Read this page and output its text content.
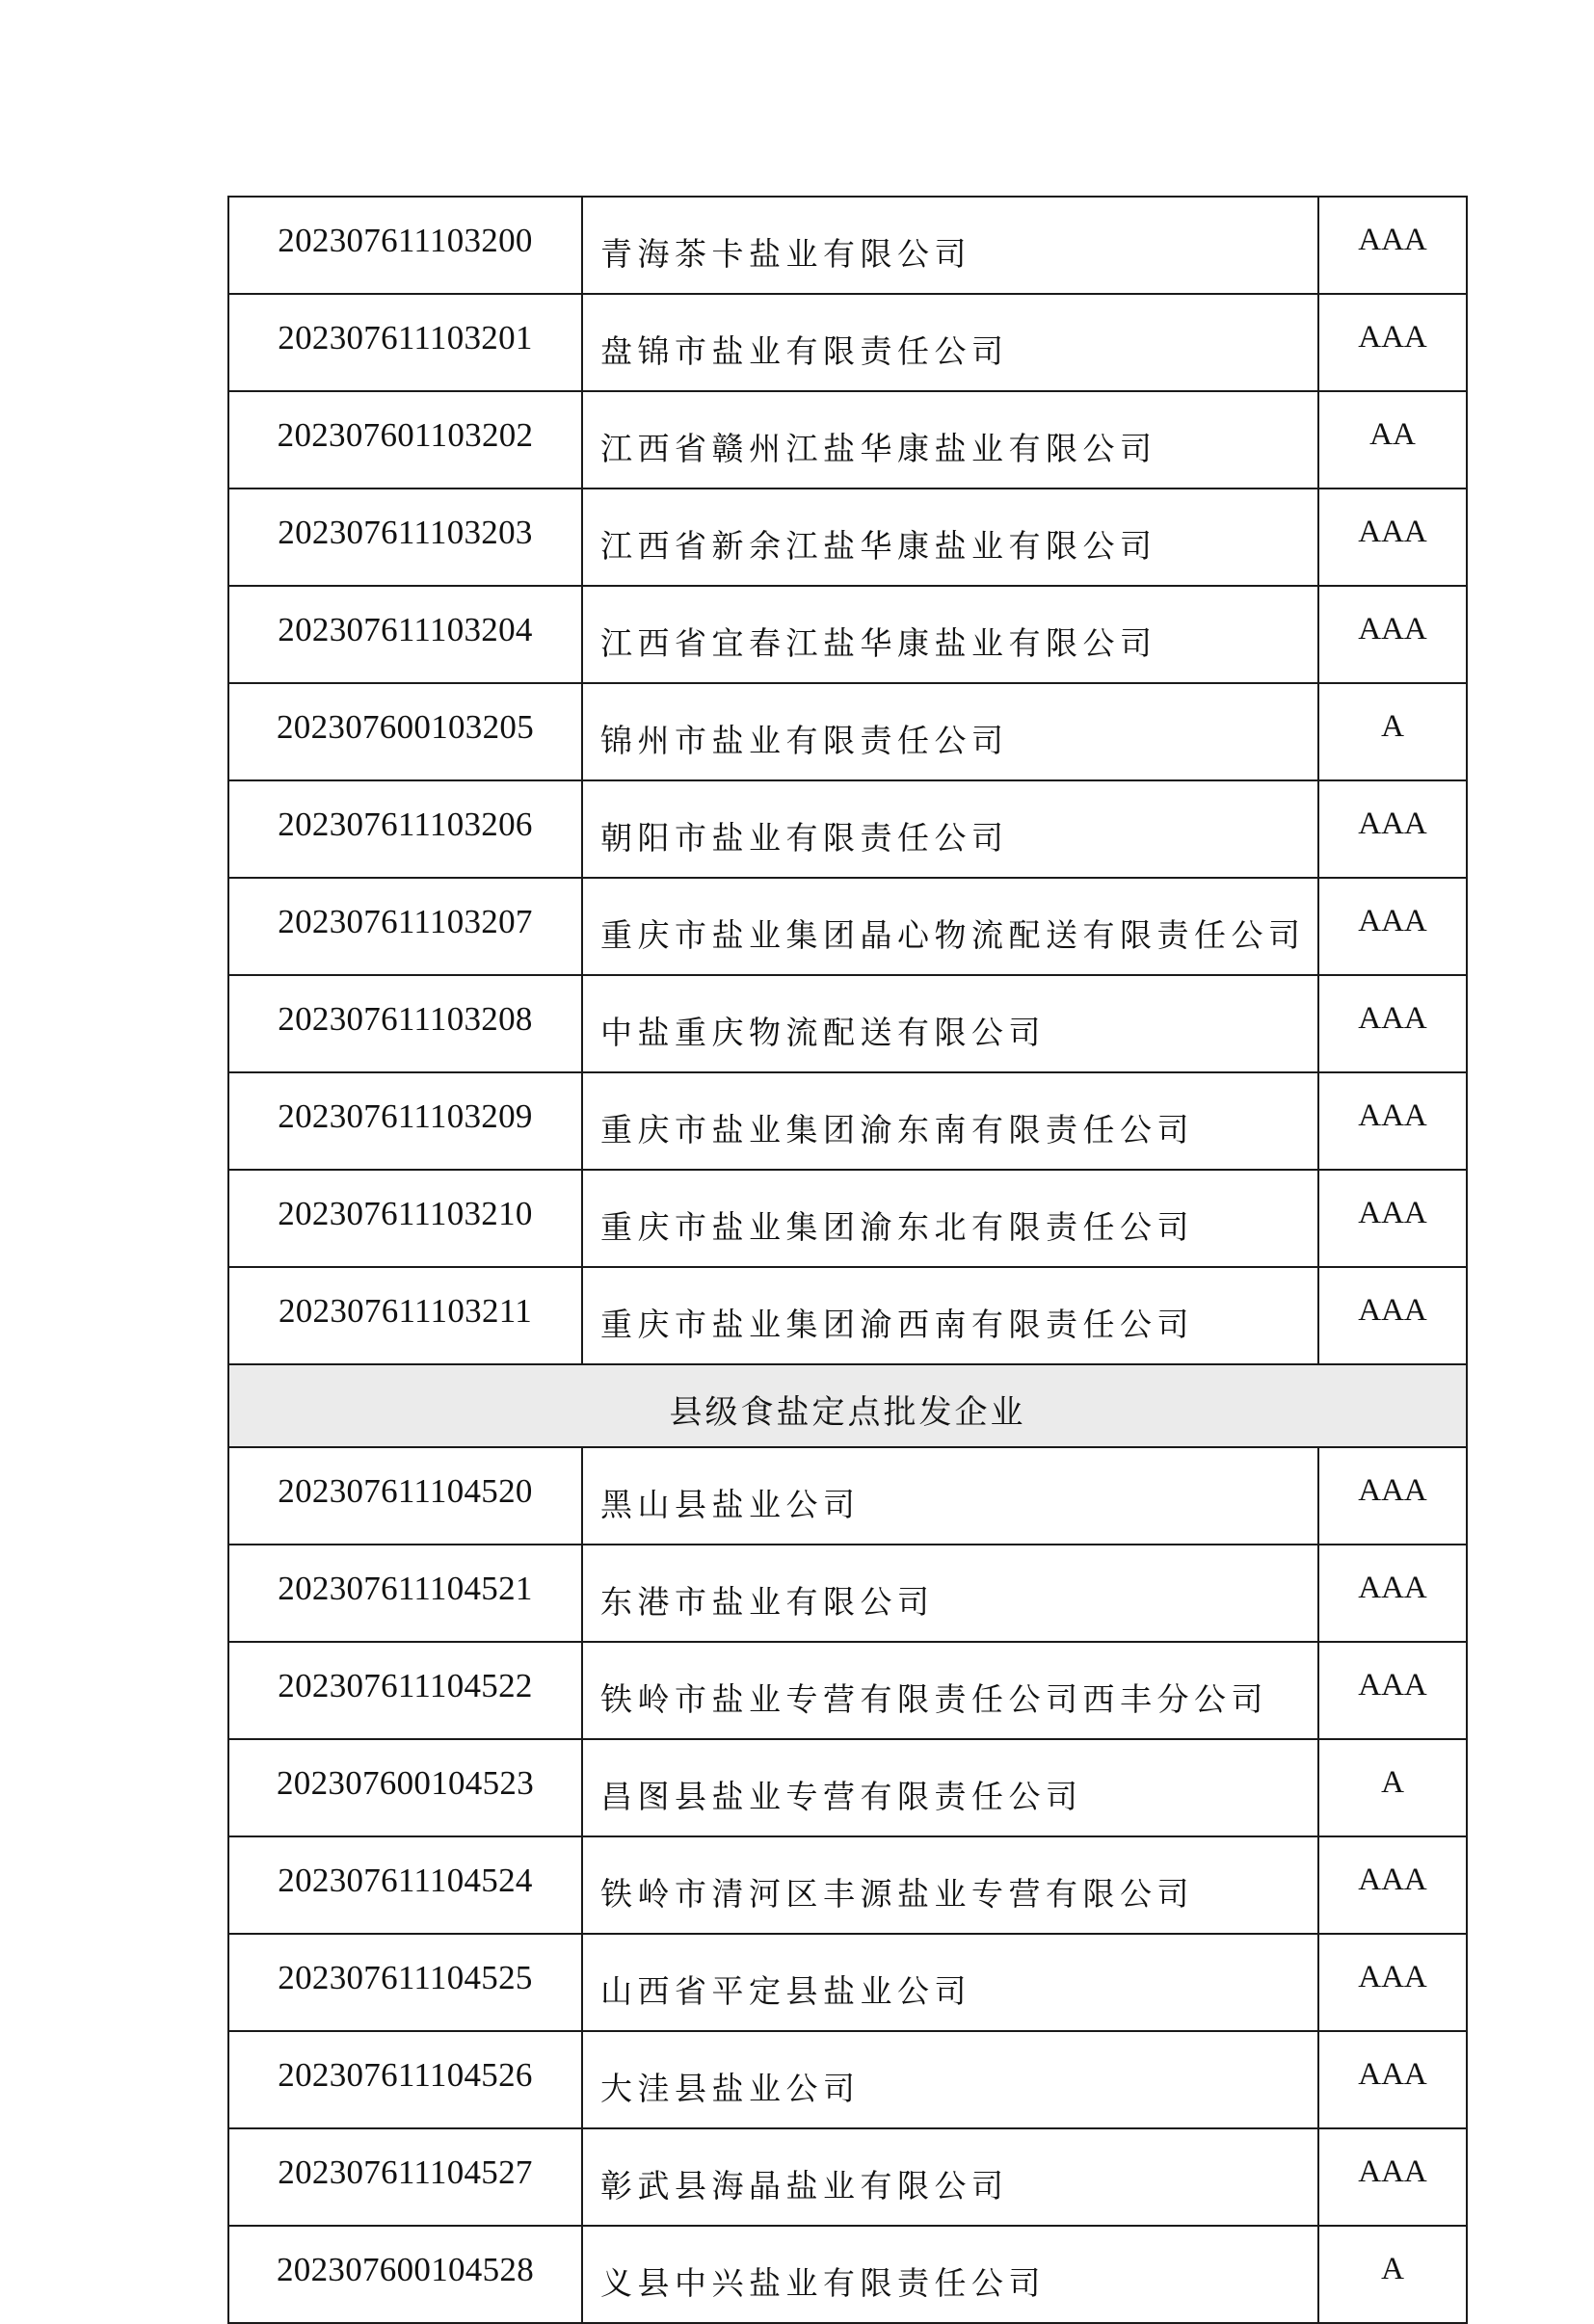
202307611103200	青海茶卡盐业有限公司	AAA
202307611103201	盘锦市盐业有限责任公司	AAA
202307601103202	江西省赣州江盐华康盐业有限公司	AA
202307611103203	江西省新余江盐华康盐业有限公司	AAA
202307611103204	江西省宜春江盐华康盐业有限公司	AAA
202307600103205	锦州市盐业有限责任公司	A
202307611103206	朝阳市盐业有限责任公司	AAA
202307611103207	重庆市盐业集团晶心物流配送有限责任公司	AAA
202307611103208	中盐重庆物流配送有限公司	AAA
202307611103209	重庆市盐业集团渝东南有限责任公司	AAA
202307611103210	重庆市盐业集团渝东北有限责任公司	AAA
202307611103211	重庆市盐业集团渝西南有限责任公司	AAA
县级食盐定点批发企业		
202307611104520	黑山县盐业公司	AAA
202307611104521	东港市盐业有限公司	AAA
202307611104522	铁岭市盐业专营有限责任公司西丰分公司	AAA
202307600104523	昌图县盐业专营有限责任公司	A
202307611104524	铁岭市清河区丰源盐业专营有限公司	AAA
202307611104525	山西省平定县盐业公司	AAA
202307611104526	大洼县盐业公司	AAA
202307611104527	彰武县海晶盐业有限公司	AAA
202307600104528	义县中兴盐业有限责任公司	A
